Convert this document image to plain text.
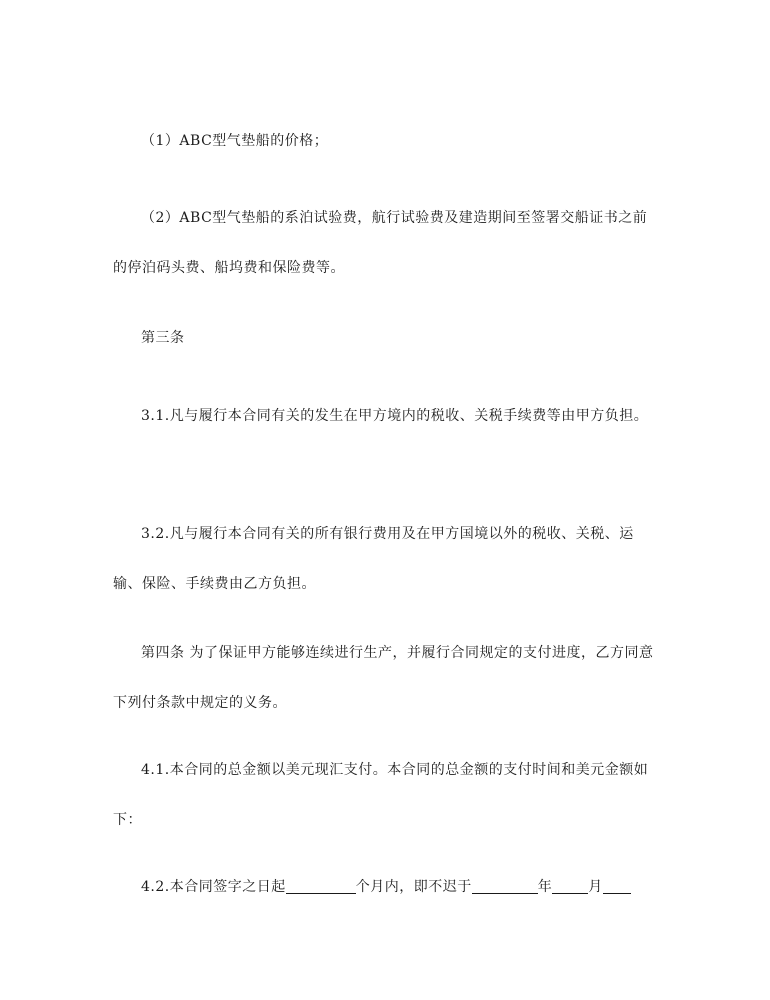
（1）ABC型气垫船的价格；

（2）ABC型气垫船的系泊试验费，航行试验费及建造期间至签署交船证书之前的停泊码头费、船坞费和保险费等。

第三条

3.1.凡与履行本合同有关的发生在甲方境内的税收、关税手续费等由甲方负担。

3.2.凡与履行本合同有关的所有银行费用及在甲方国境以外的税收、关税、运输、保险、手续费由乙方负担。

第四条 为了保证甲方能够连续进行生产，并履行合同规定的支付进度，乙方同意下列付条款中规定的义务。

4.1.本合同的总金额以美元现汇支付。本合同的总金额的支付时间和美元金额如下：

4.2.本合同签字之日起	个月内，即不迟于	年	月
